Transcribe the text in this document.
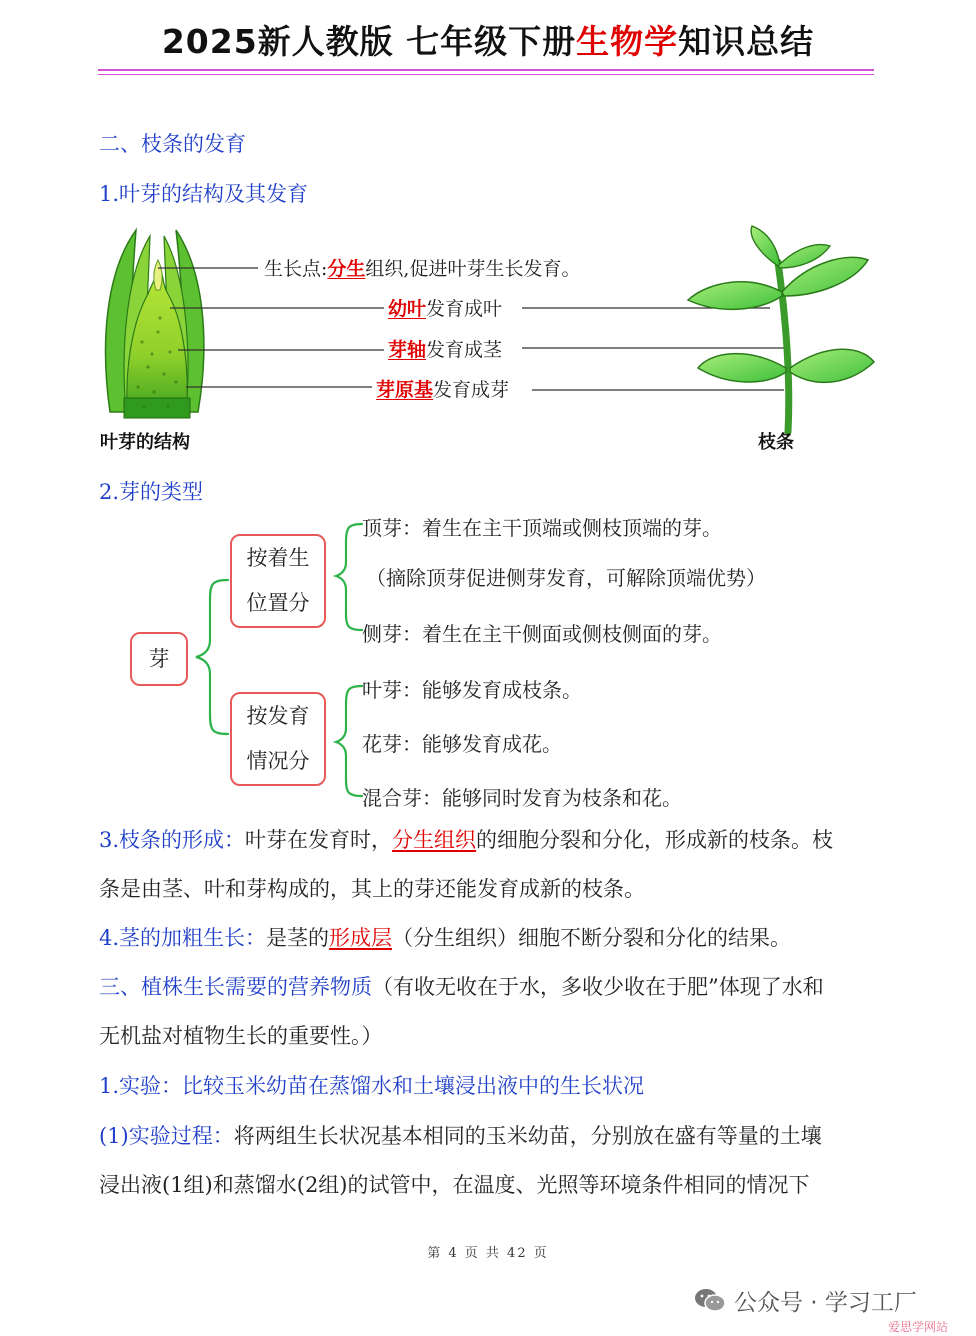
2025新人教版 七年级下册生物学知识总结
二、枝条的发育
1.叶芽的结构及其发育
生长点:分生组织,促进叶芽生长发育。
幼叶发育成叶
芽轴发育成茎
芽原基发育成芽
叶芽的结构	枝条
2.芽的类型
芽
按着生
位置分
按发育
情况分
顶芽：着生在主干顶端或侧枝顶端的芽。
（摘除顶芽促进侧芽发育，可解除顶端优势）
侧芽：着生在主干侧面或侧枝侧面的芽。
叶芽：能够发育成枝条。
花芽：能够发育成花。
混合芽：能够同时发育为枝条和花。
3.枝条的形成：叶芽在发育时，分生组织的细胞分裂和分化，形成新的枝条。枝
条是由茎、叶和芽构成的，其上的芽还能发育成新的枝条。
4.茎的加粗生长：是茎的形成层（分生组织）细胞不断分裂和分化的结果。
三、植株生长需要的营养物质（有收无收在于水，多收少收在于肥”体现了水和
无机盐对植物生长的重要性。）
1.实验：比较玉米幼苗在蒸馏水和土壤浸出液中的生长状况
(1)实验过程：将两组生长状况基本相同的玉米幼苗，分别放在盛有等量的土壤
浸出液(1组)和蒸馏水(2组)的试管中，在温度、光照等环境条件相同的情况下
第 4 页 共 42 页
公众号 · 学习工厂
爱思学网站
